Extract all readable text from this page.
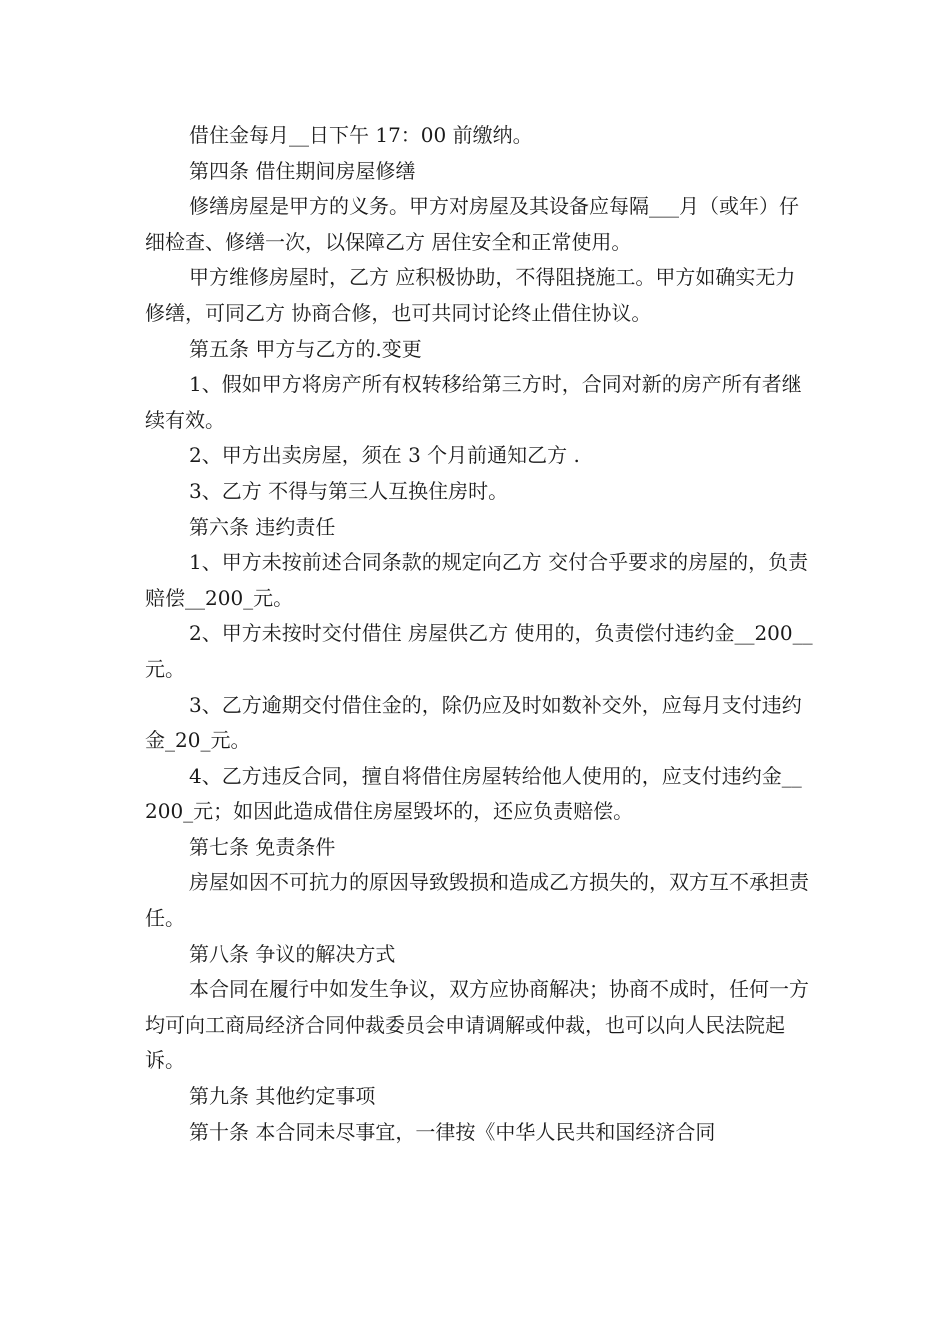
借住金每月__日下午 17：00 前缴纳。

第四条 借住期间房屋修缮

修缮房屋是甲方的义务。甲方对房屋及其设备应每隔___月（或年）仔细检查、修缮一次，以保障乙方 居住安全和正常使用。

甲方维修房屋时，乙方 应积极协助，不得阻挠施工。甲方如确实无力修缮，可同乙方 协商合修，也可共同讨论终止借住协议。

第五条 甲方与乙方的.变更

1、假如甲方将房产所有权转移给第三方时，合同对新的房产所有者继续有效。

2、甲方出卖房屋，须在 3 个月前通知乙方 .

3、乙方 不得与第三人互换住房时。

第六条 违约责任

1、甲方未按前述合同条款的规定向乙方 交付合乎要求的房屋的，负责赔偿__200_元。

2、甲方未按时交付借住 房屋供乙方 使用的，负责偿付违约金__200__元。

3、乙方逾期交付借住金的，除仍应及时如数补交外，应每月支付违约金_20_元。

4、乙方违反合同，擅自将借住房屋转给他人使用的，应支付违约金__200_元；如因此造成借住房屋毁坏的，还应负责赔偿。

第七条 免责条件

房屋如因不可抗力的原因导致毁损和造成乙方损失的，双方互不承担责任。

第八条 争议的解决方式

本合同在履行中如发生争议，双方应协商解决；协商不成时，任何一方均可向工商局经济合同仲裁委员会申请调解或仲裁，也可以向人民法院起诉。

第九条 其他约定事项

第十条 本合同未尽事宜，一律按《中华人民共和国经济合同
